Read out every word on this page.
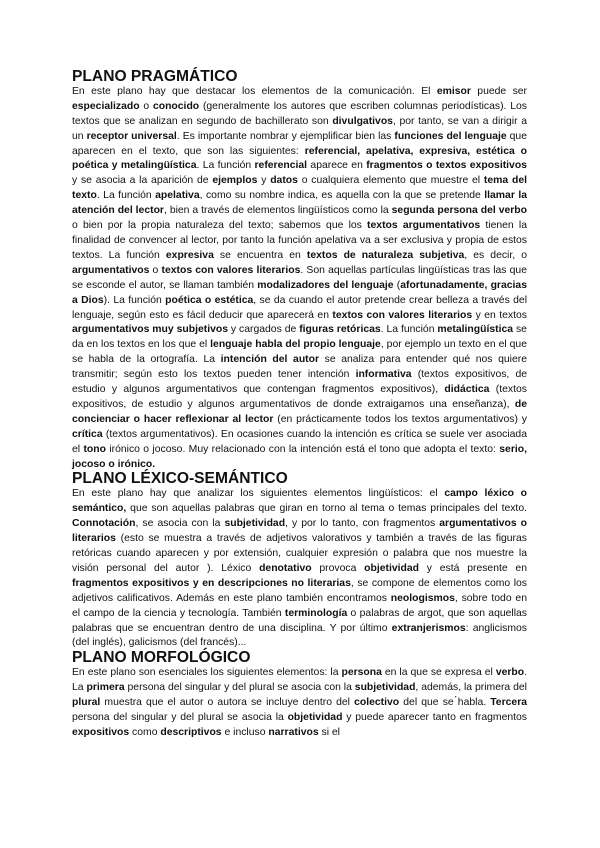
PLANO PRAGMÁTICO

En este plano hay que destacar los elementos de la comunicación. El emisor puede ser especializado o conocido (generalmente los autores que escriben columnas periodísticas). Los textos que se analizan en segundo de bachillerato son divulgativos, por tanto, se van a dirigir a un receptor universal. Es importante nombrar y ejemplificar bien las funciones del lenguaje que aparecen en el texto, que son las siguientes: referencial, apelativa, expresiva, estética o poética y metalingüística. La función referencial aparece en fragmentos o textos expositivos y se asocia a la aparición de ejemplos y datos o cualquiera elemento que muestre el tema del texto. La función apelativa, como su nombre indica, es aquella con la que se pretende llamar la atención del lector, bien a través de elementos lingüísticos como la segunda persona del verbo o bien por la propia naturaleza del texto; sabemos que los textos argumentativos tienen la finalidad de convencer al lector, por tanto la función apelativa va a ser exclusiva y propia de estos textos. La función expresiva se encuentra en textos de naturaleza subjetiva, es decir, o argumentativos o textos con valores literarios. Son aquellas partículas lingüísticas tras las que se esconde el autor, se llaman también modalizadores del lenguaje (afortunadamente, gracias a Dios). La función poética o estética, se da cuando el autor pretende crear belleza a través del lenguaje, según esto es fácil deducir que aparecerá en textos con valores literarios y en textos argumentativos muy subjetivos y cargados de figuras retóricas. La función metalingüística se da en los textos en los que el lenguaje habla del propio lenguaje, por ejemplo un texto en el que se habla de la ortografía. La intención del autor se analiza para entender qué nos quiere transmitir; según esto los textos pueden tener intención informativa (textos expositivos, de estudio y algunos argumentativos que contengan fragmentos expositivos), didáctica (textos expositivos, de estudio y algunos argumentativos de donde extraigamos una enseñanza), de concienciar o hacer reflexionar al lector (en prácticamente todos los textos argumentativos) y crítica (textos argumentativos). En ocasiones cuando la intención es crítica se suele ver asociada el tono irónico o jocoso. Muy relacionado con la intención está el tono que adopta el texto: serio, jocoso o irónico.

PLANO LÉXICO-SEMÁNTICO

En este plano hay que analizar los siguientes elementos lingüísticos: el campo léxico o semántico, que son aquellas palabras que giran en torno al tema o temas principales del texto. Connotación, se asocia con la subjetividad, y por lo tanto, con fragmentos argumentativos o literarios (esto se muestra a través de adjetivos valorativos y también a través de las figuras retóricas cuando aparecen y por extensión, cualquier expresión o palabra que nos muestre la visión personal del autor ). Léxico denotativo provoca objetividad y está presente en fragmentos expositivos y en descripciones no literarias, se compone de elementos como los adjetivos calificativos. Además en este plano también encontramos neologismos, sobre todo en el campo de la ciencia y tecnología. También terminología o palabras de argot, que son aquellas palabras que se encuentran dentro de una disciplina. Y por último extranjerismos: anglicismos (del inglés), galicismos (del francés)...

PLANO MORFOLÓGICO

En este plano son esenciales los siguientes elementos: la persona en la que se expresa el verbo. La primera persona del singular y del plural se asocia con la subjetividad, además, la primera del plural muestra que el autor o autora se incluye dentro del colectivo del que se ́habla. Tercera persona del singular y del plural se asocia la objetividad y puede aparecer tanto en fragmentos expositivos como descriptivos e incluso narrativos si el
